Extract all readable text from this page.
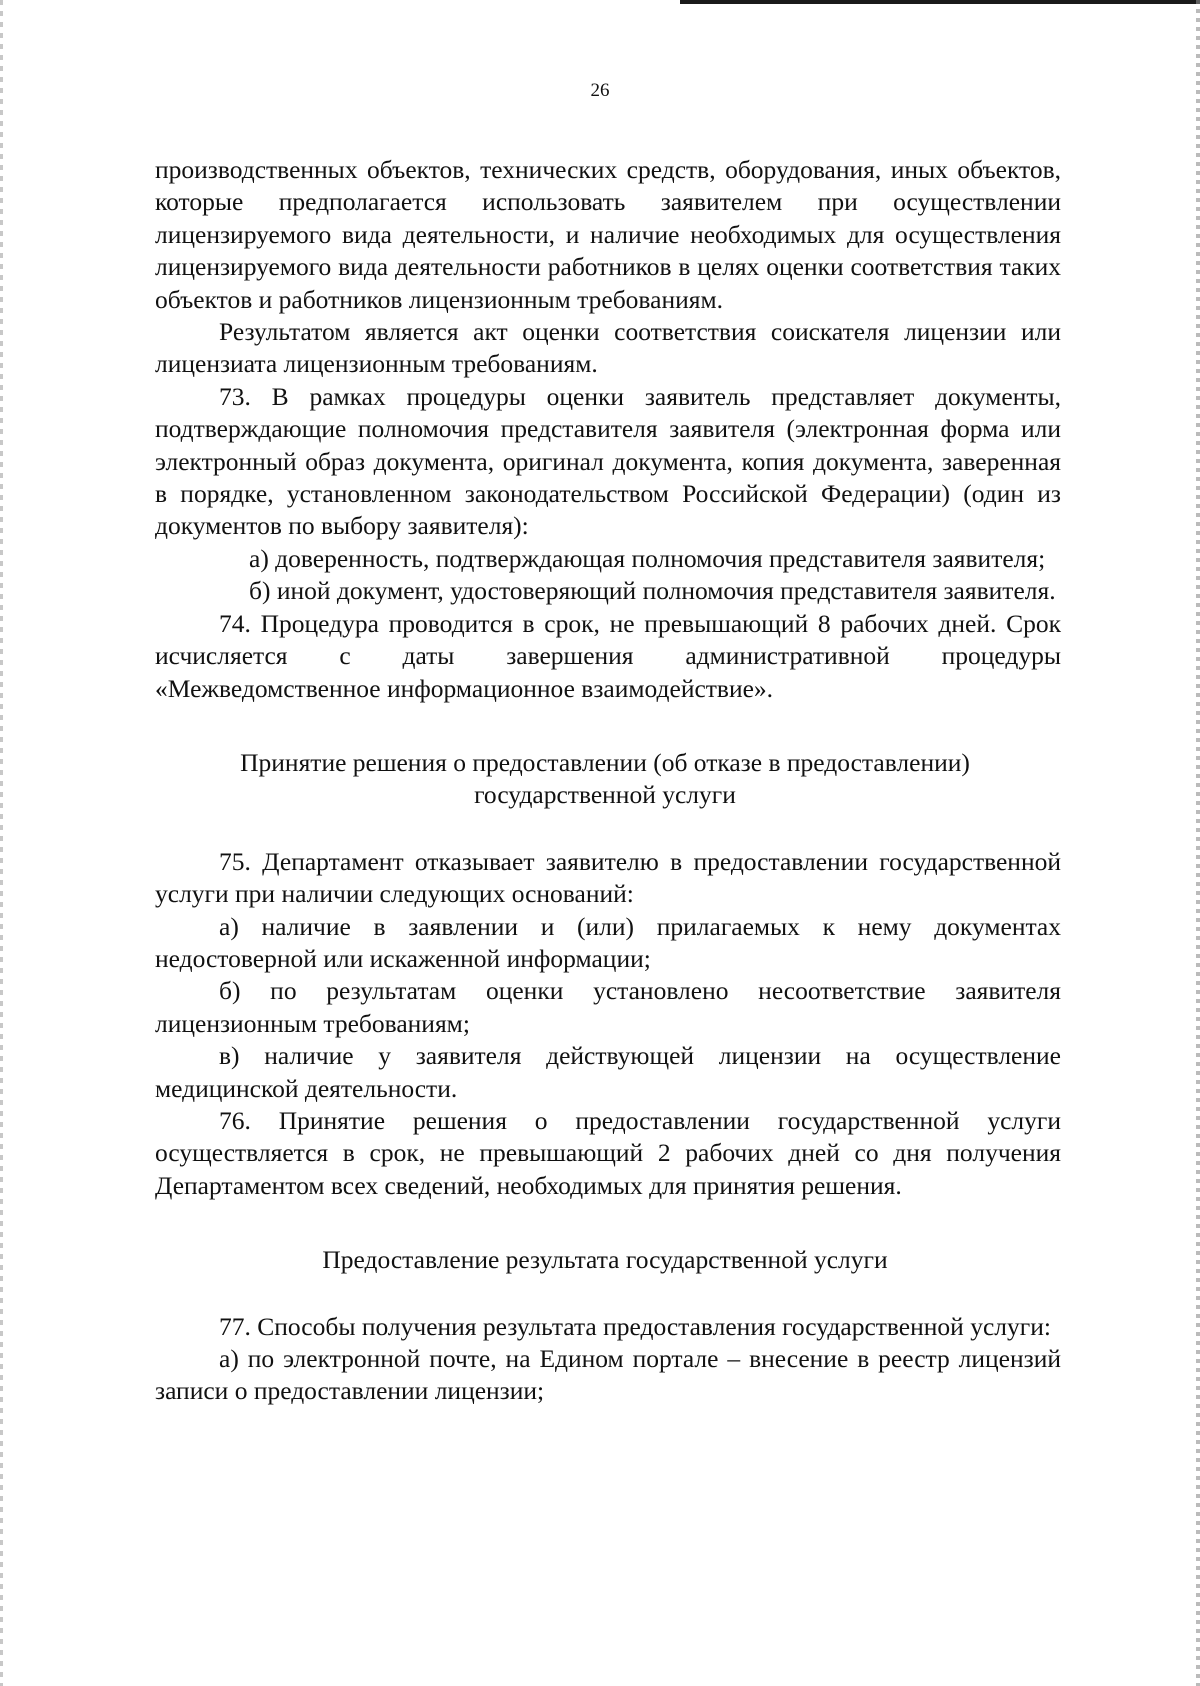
26

производственных объектов, технических средств, оборудования, иных объектов, которые предполагается использовать заявителем при осуществлении лицензируемого вида деятельности, и наличие необходимых для осуществления лицензируемого вида деятельности работников в целях оценки соответствия таких объектов и работников лицензионным требованиям.

Результатом является акт оценки соответствия соискателя лицензии или лицензиата лицензионным требованиям.

73. В рамках процедуры оценки заявитель представляет документы, подтверждающие полномочия представителя заявителя (электронная форма или электронный образ документа, оригинал документа, копия документа, заверенная в порядке, установленном законодательством Российской Федерации) (один из документов по выбору заявителя):

а) доверенность, подтверждающая полномочия представителя заявителя;

б) иной документ, удостоверяющий полномочия представителя заявителя.

74. Процедура проводится в срок, не превышающий 8 рабочих дней. Срок исчисляется с даты завершения административной процедуры «Межведомственное информационное взаимодействие».

Принятие решения о предоставлении (об отказе в предоставлении)

государственной услуги

75. Департамент отказывает заявителю в предоставлении государственной услуги при наличии следующих оснований:

а) наличие в заявлении и (или) прилагаемых к нему документах недостоверной или искаженной информации;

б) по результатам оценки установлено несоответствие заявителя лицензионным требованиям;

в) наличие у заявителя действующей лицензии на осуществление медицинской деятельности.

76. Принятие решения о предоставлении государственной услуги осуществляется в срок, не превышающий 2 рабочих дней со дня получения Департаментом всех сведений, необходимых для принятия решения.

Предоставление результата государственной услуги

77. Способы получения результата предоставления государственной услуги:

а) по электронной почте, на Едином портале – внесение в реестр лицензий записи о предоставлении лицензии;
